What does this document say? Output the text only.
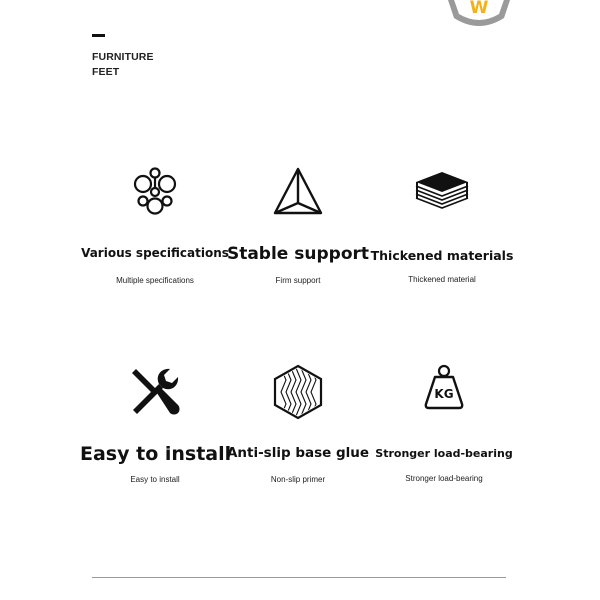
W
FURNITURE
FEET
Various specifications
Multiple specifications
Stable support
Firm support
Thickened materials
Thickened material
Easy to install
Easy to install
Anti-slip base glue
Non-slip primer
KG
Stronger load-bearing
Stronger load-bearing
